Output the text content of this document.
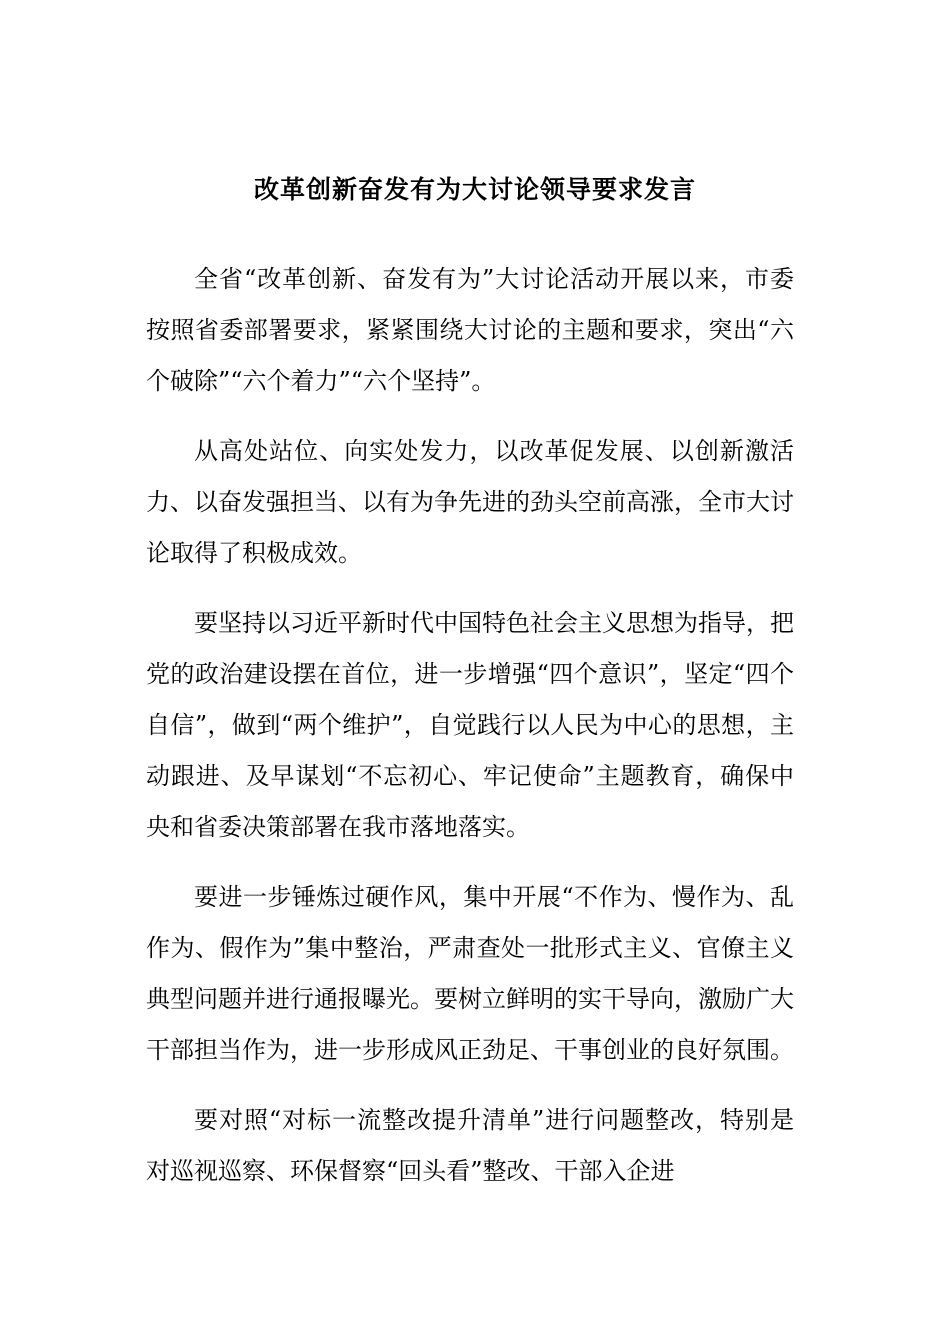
改革创新奋发有为大讨论领导要求发言

全省“改革创新、奋发有为”大讨论活动开展以来，市委按照省委部署要求，紧紧围绕大讨论的主题和要求，突出“六个破除”“六个着力”“六个坚持”。

从高处站位、向实处发力，以改革促发展、以创新激活力、以奋发强担当、以有为争先进的劲头空前高涨，全市大讨论取得了积极成效。

要坚持以习近平新时代中国特色社会主义思想为指导，把党的政治建设摆在首位，进一步增强“四个意识”，坚定“四个自信”，做到“两个维护”，自觉践行以人民为中心的思想，主动跟进、及早谋划“不忘初心、牢记使命”主题教育，确保中央和省委决策部署在我市落地落实。

要进一步锤炼过硬作风，集中开展“不作为、慢作为、乱作为、假作为”集中整治，严肃查处一批形式主义、官僚主义典型问题并进行通报曝光。要树立鲜明的实干导向，激励广大干部担当作为，进一步形成风正劲足、干事创业的良好氛围。

要对照“对标一流整改提升清单”进行问题整改，特别是对巡视巡察、环保督察“回头看”整改、干部入企进
